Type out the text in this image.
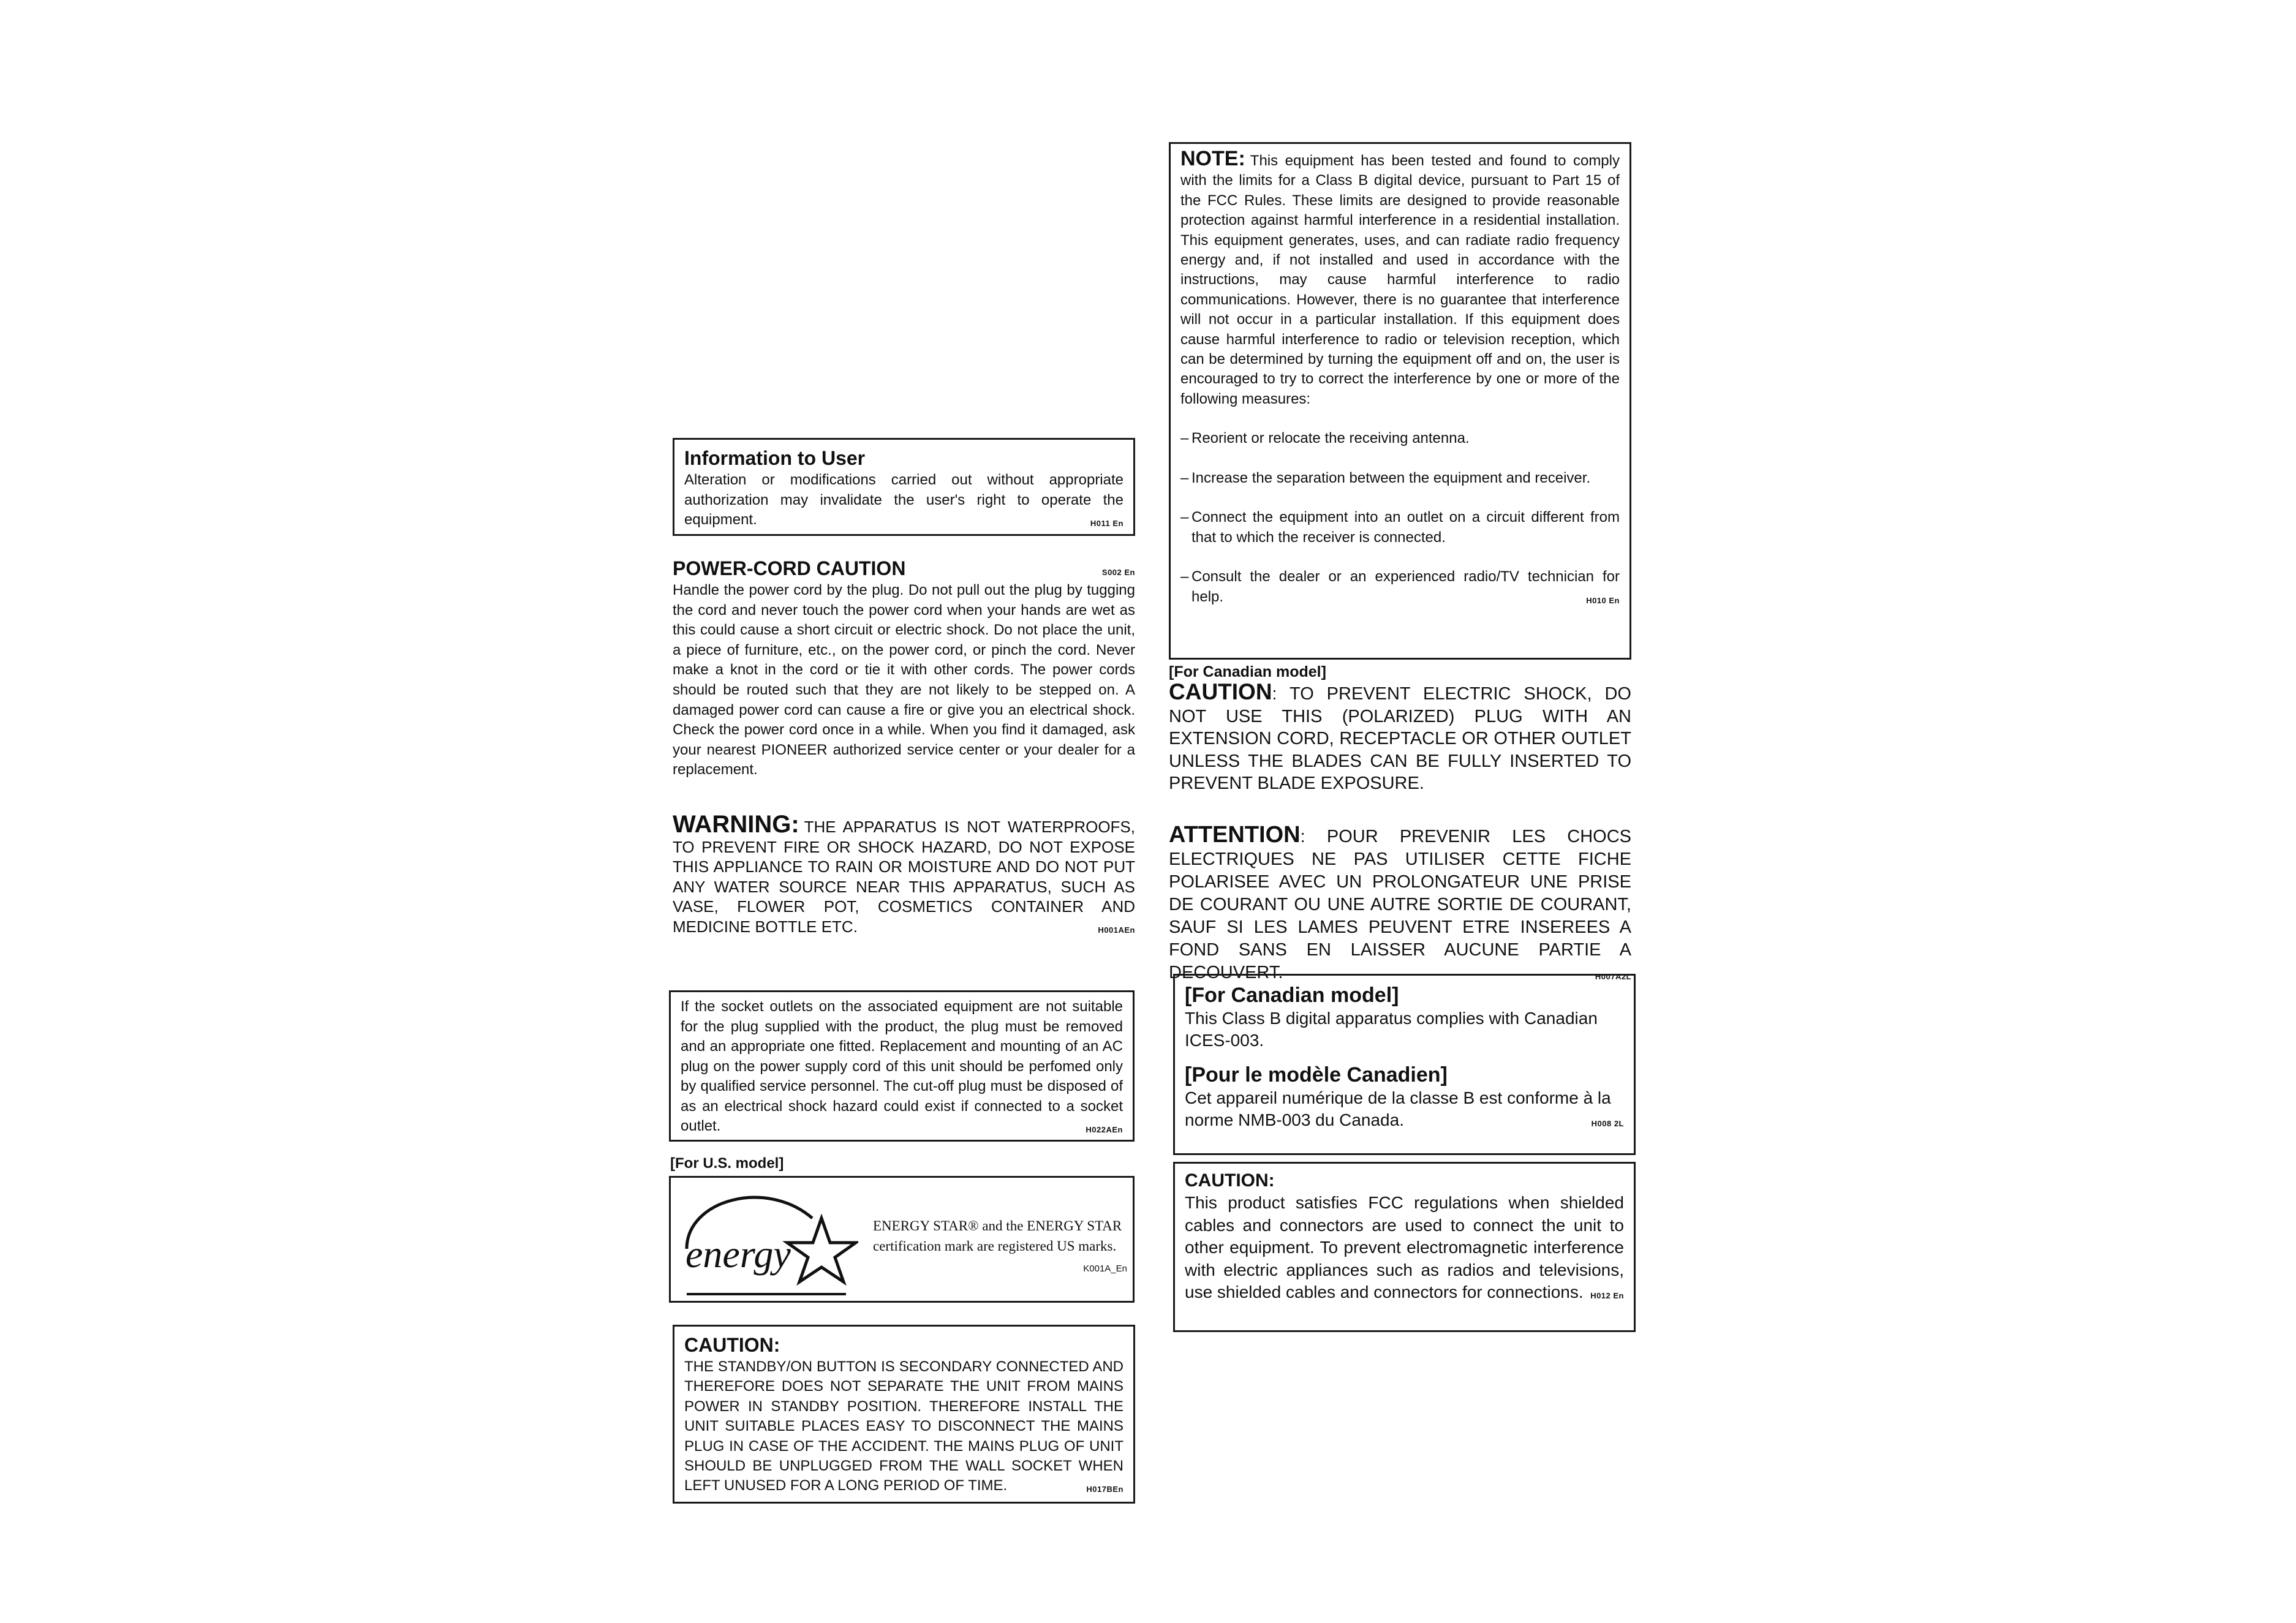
Information to User
Alteration or modifications carried out without appropriate authorization may invalidate the user's right to operate the equipment.	H011 En
POWER-CORD CAUTION	S002 En
Handle the power cord by the plug. Do not pull out the plug by tugging the cord and never touch the power cord when your hands are wet as this could cause a short circuit or electric shock. Do not place the unit, a piece of furniture, etc., on the power cord, or pinch the cord. Never make a knot in the cord or tie it with other cords. The power cords should be routed such that they are not likely to be stepped on. A damaged power cord can cause a fire or give you an electrical shock. Check the power cord once in a while. When you find it damaged, ask your nearest PIONEER authorized service center or your dealer for a replacement.
WARNING: THE APPARATUS IS NOT WATERPROOFS, TO PREVENT FIRE OR SHOCK HAZARD, DO NOT EXPOSE THIS APPLIANCE TO RAIN OR MOISTURE AND DO NOT PUT ANY WATER SOURCE NEAR THIS APPARATUS, SUCH AS VASE, FLOWER POT, COSMETICS CONTAINER AND MEDICINE BOTTLE ETC.	H001AEn
If the socket outlets on the associated equipment are not suitable for the plug supplied with the product, the plug must be removed and an appropriate one fitted. Replacement and mounting of an AC plug on the power supply cord of this unit should be perfomed only by qualified service personnel. The cut-off plug must be disposed of as an electrical shock hazard could exist if connected to a socket outlet.	H022AEn
[For U.S. model]
energy
ENERGY STAR® and the ENERGY STAR certification mark are registered US marks.
K001A_En
CAUTION:
THE STANDBY/ON BUTTON IS SECONDARY CONNECTED AND THEREFORE DOES NOT SEPARATE THE UNIT FROM MAINS POWER IN STANDBY POSITION. THEREFORE INSTALL THE UNIT SUITABLE PLACES EASY TO DISCONNECT THE MAINS PLUG IN CASE OF THE ACCIDENT. THE MAINS PLUG OF UNIT SHOULD BE UNPLUGGED FROM THE WALL SOCKET WHEN LEFT UNUSED FOR A LONG PERIOD OF TIME.	H017BEn
NOTE: This equipment has been tested and found to comply with the limits for a Class B digital device, pursuant to Part 15 of the FCC Rules. These limits are designed to provide reasonable protection against harmful interference in a residential installation. This equipment generates, uses, and can radiate radio frequency energy and, if not installed and used in accordance with the instructions, may cause harmful interference to radio communications. However, there is no guarantee that interference will not occur in a particular installation. If this equipment does cause harmful interference to radio or television reception, which can be determined by turning the equipment off and on, the user is encouraged to try to correct the interference by one or more of the following measures:
– Reorient or relocate the receiving antenna.
– Increase the separation between the equipment and receiver.
– Connect the equipment into an outlet on a circuit different from that to which the receiver is connected.
– Consult the dealer or an experienced radio/TV technician for help.	H010 En
[For Canadian model]
CAUTION: TO PREVENT ELECTRIC SHOCK, DO NOT USE THIS (POLARIZED) PLUG WITH AN EXTENSION CORD, RECEPTACLE OR OTHER OUTLET UNLESS THE BLADES CAN BE FULLY INSERTED TO PREVENT BLADE EXPOSURE.
ATTENTION: POUR PREVENIR LES CHOCS ELECTRIQUES NE PAS UTILISER CETTE FICHE POLARISEE AVEC UN PROLONGATEUR UNE PRISE DE COURANT OU UNE AUTRE SORTIE DE COURANT, SAUF SI LES LAMES PEUVENT ETRE INSEREES A FOND SANS EN LAISSER AUCUNE PARTIE A DECOUVERT.	H007A2L
[For Canadian model]
This Class B digital apparatus complies with Canadian ICES-003.
[Pour le modèle Canadien]
Cet appareil numérique de la classe B est conforme à la norme NMB-003 du Canada.	H008 2L
CAUTION:
This product satisfies FCC regulations when shielded cables and connectors are used to connect the unit to other equipment. To prevent electromagnetic interference with electric appliances such as radios and televisions, use shielded cables and connectors for connections. H012 En
